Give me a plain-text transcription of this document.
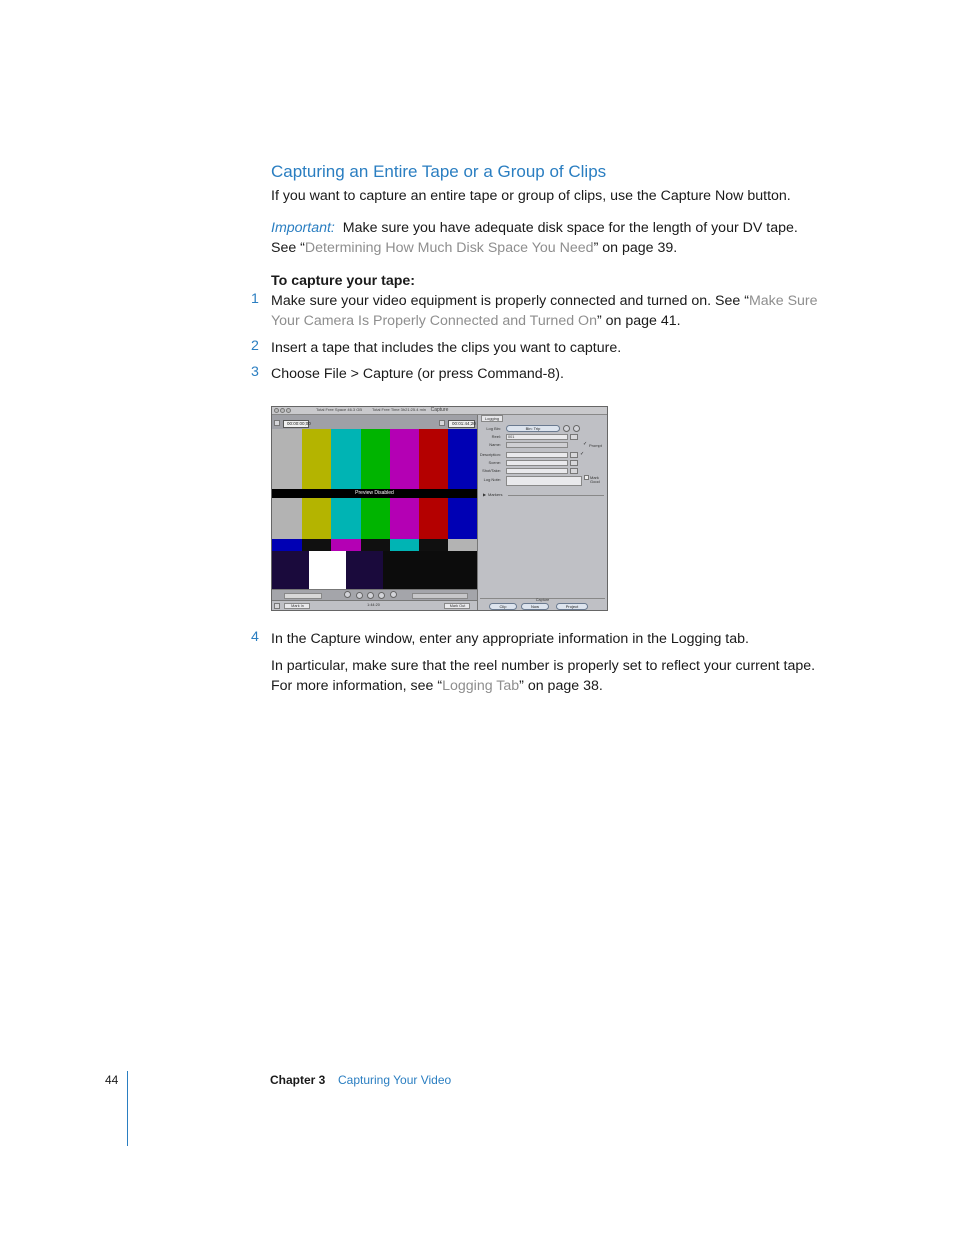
Capturing an Entire Tape or a Group of Clips
If you want to capture an entire tape or group of clips, use the Capture Now button.
Important: Make sure you have adequate disk space for the length of your DV tape.
See “Determining How Much Disk Space You Need” on page 39.
To capture your tape:
1 Make sure your video equipment is properly connected and turned on. See “Make Sure
Your Camera Is Properly Connected and Turned On” on page 41.
2 Insert a tape that includes the clips you want to capture.
3 Choose File > Capture (or press Command-8).
Capture
Total Free Space 46.3 GB Total Free Time 3h21:25.4 min
00:00:00;00	00:01:44;20
Preview Disabled
Mark In	1:44:20	Mark Out
Logging
Log Bin:	Bin: Trip
Reel:	001
Name:	✓ Prompt
Description:	✓
Scene:
Shot/Take:
Log Note:	Mark Good
▶ Markers
Capture
Clip	Now	Project
4 In the Capture window, enter any appropriate information in the Logging tab.
In particular, make sure that the reel number is properly set to reflect your current tape.
For more information, see “Logging Tab” on page 38.
44	Chapter 3 Capturing Your Video
